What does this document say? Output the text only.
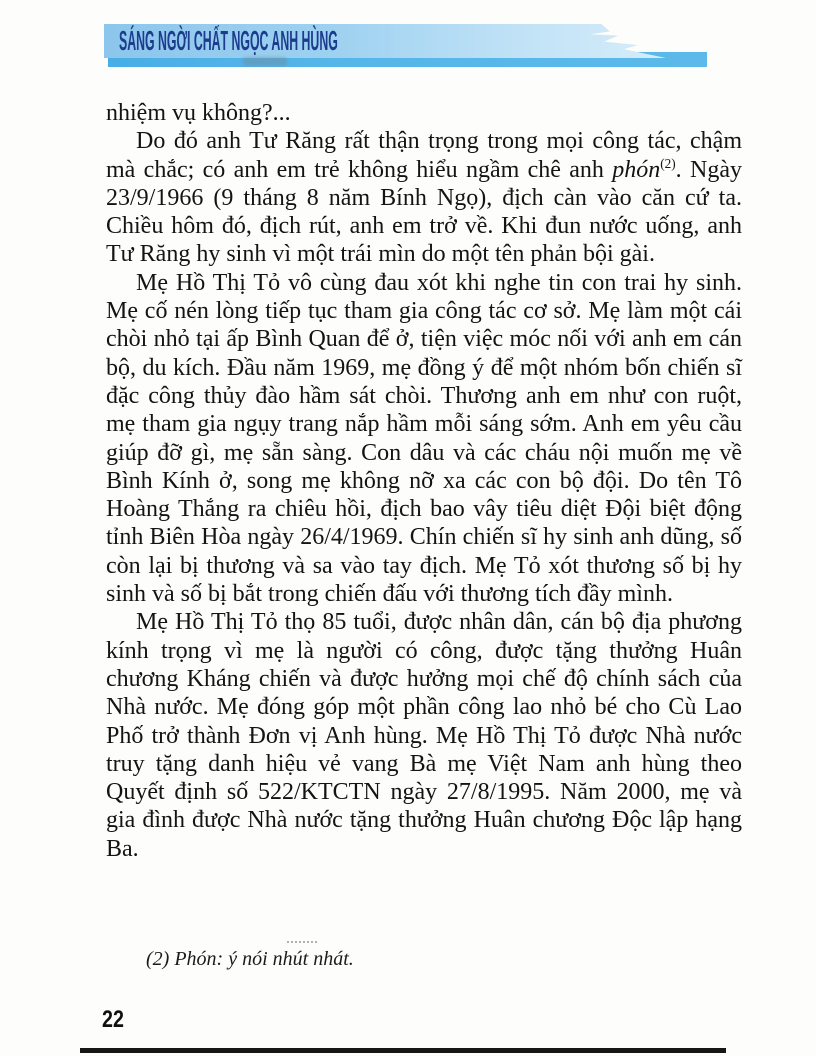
SÁNG NGỜI CHẤT NGỌC ANH HÙNG

nhiệm vụ không?...

Do đó anh Tư Răng rất thận trọng trong mọi công tác, chậm mà chắc; có anh em trẻ không hiểu ngầm chê anh phón$^{(2)}$. Ngày 23/9/1966 (9 tháng 8 năm Bính Ngọ), địch càn vào căn cứ ta. Chiều hôm đó, địch rút, anh em trở về. Khi đun nước uống, anh Tư Răng hy sinh vì một trái mìn do một tên phản bội gài.

Mẹ Hồ Thị Tỏ vô cùng đau xót khi nghe tin con trai hy sinh. Mẹ cố nén lòng tiếp tục tham gia công tác cơ sở. Mẹ làm một cái chòi nhỏ tại ấp Bình Quan để ở, tiện việc móc nối với anh em cán bộ, du kích. Đầu năm 1969, mẹ đồng ý để một nhóm bốn chiến sĩ đặc công thủy đào hầm sát chòi. Thương anh em như con ruột, mẹ tham gia ngụy trang nắp hầm mỗi sáng sớm. Anh em yêu cầu giúp đỡ gì, mẹ sẵn sàng. Con dâu và các cháu nội muốn mẹ về Bình Kính ở, song mẹ không nỡ xa các con bộ đội. Do tên Tô Hoàng Thắng ra chiêu hồi, địch bao vây tiêu diệt Đội biệt động tỉnh Biên Hòa ngày 26/4/1969. Chín chiến sĩ hy sinh anh dũng, số còn lại bị thương và sa vào tay địch. Mẹ Tỏ xót thương số bị hy sinh và số bị bắt trong chiến đấu với thương tích đầy mình.

Mẹ Hồ Thị Tỏ thọ 85 tuổi, được nhân dân, cán bộ địa phương kính trọng vì mẹ là người có công, được tặng thưởng Huân chương Kháng chiến và được hưởng mọi chế độ chính sách của Nhà nước. Mẹ đóng góp một phần công lao nhỏ bé cho Cù Lao Phố trở thành Đơn vị Anh hùng. Mẹ Hồ Thị Tỏ được Nhà nước truy tặng danh hiệu vẻ vang Bà mẹ Việt Nam anh hùng theo Quyết định số 522/KTCTN ngày 27/8/1995. Năm 2000, mẹ và gia đình được Nhà nước tặng thưởng Huân chương Độc lập hạng Ba.

(2) Phón: ý nói nhút nhát.

22
